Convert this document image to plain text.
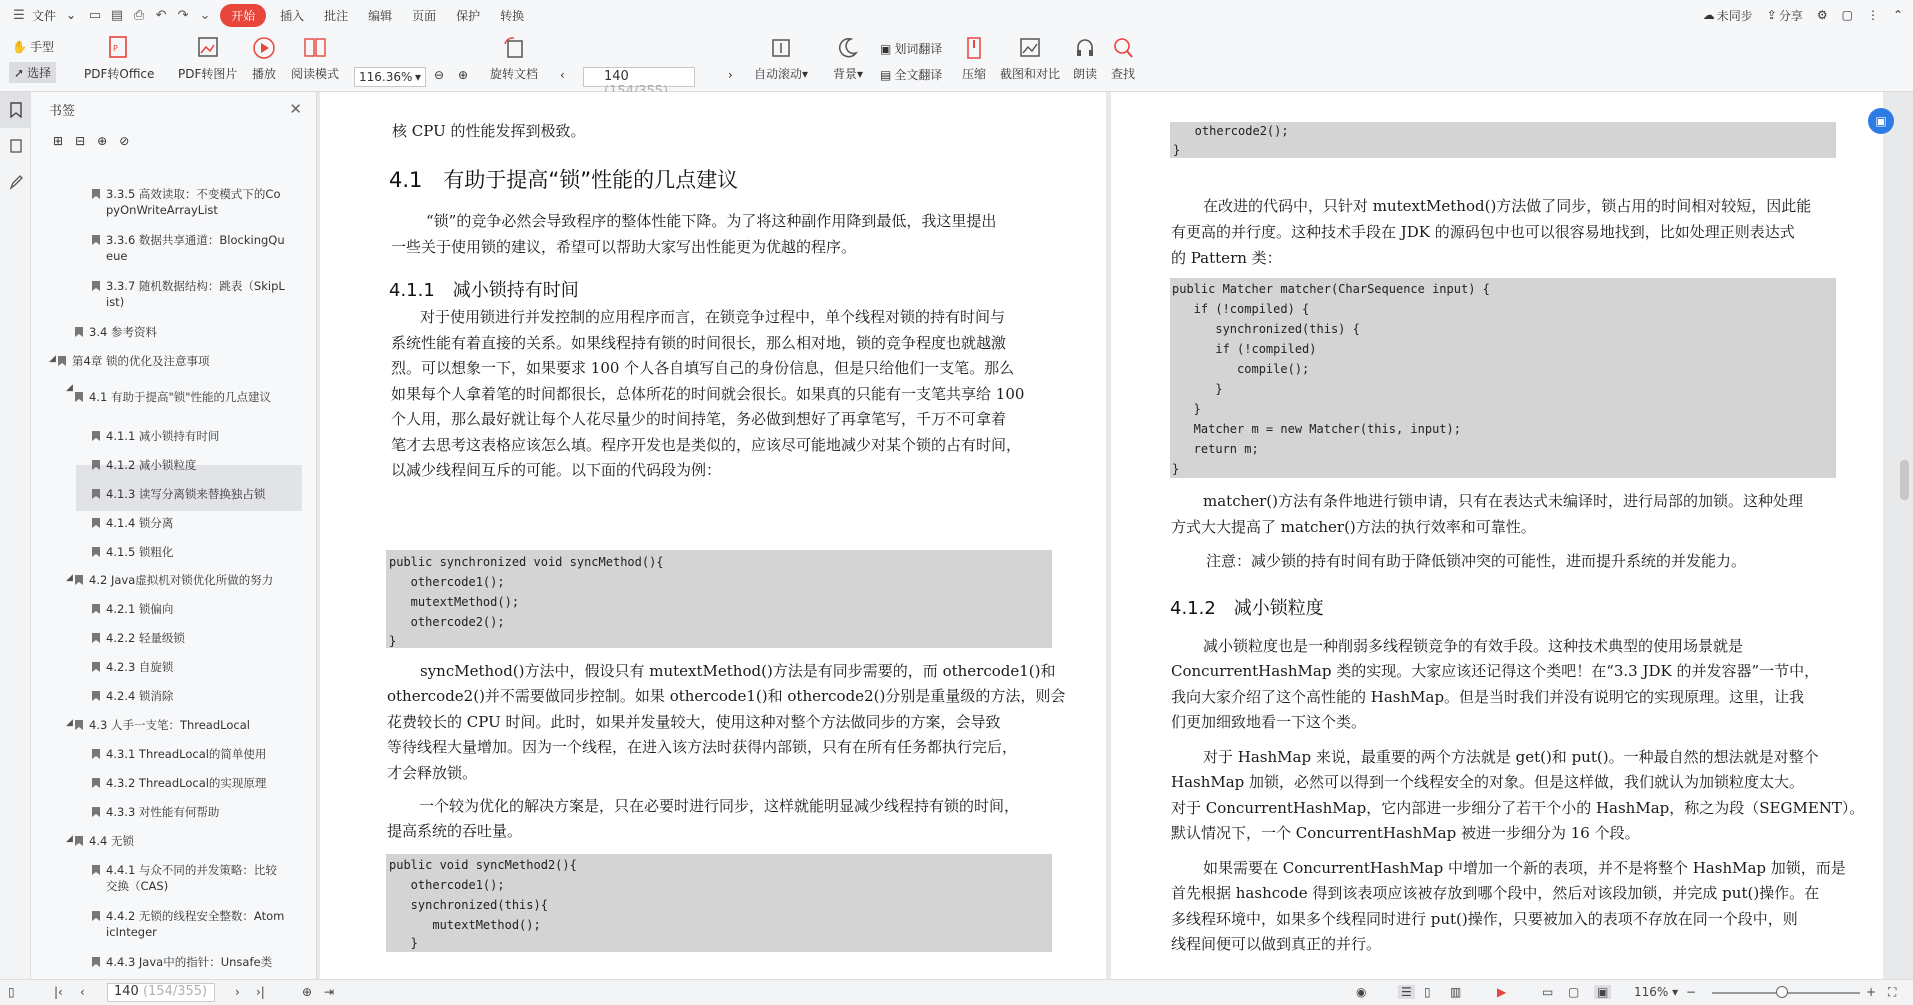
☰ 文件 ⌄ ▭ ▤ ⎙ ↶ ↷ ⌄	开始	插入	批注	编辑	页面	保护	转换	☁ 未同步 ⇪ 分享 ⚙ ▢ ⋮ ⌃
✋ 手型
➚ 选择
P
PDF转Office PDF转图片 播放 阅读模式	116.36% ▾ ⊖ ⊕ 旋转文档 ‹	140	› 自动滚动▾ 背景▾
▣ 划词翻译
▤ 全文翻译 压缩 截图和对比 朗读 查找
书签	✕
⊞ ⊟ ⊕ ⊘
3.3.5 高效读取：不变模式下的Co
pyOnWriteArrayList
3.3.6 数据共享通道：BlockingQu
eue
3.3.7 随机数据结构：跳表（SkipL
ist)
3.4 参考资料
◢	第4章 锁的优化及注意事项
◢
4.1 有助于提高"锁"性能的几点建议
4.1.1 减小锁持有时间
4.1.2 减小锁粒度
4.1.3 读写分离锁来替换独占锁
4.1.4 锁分离
4.1.5 锁粗化
◢	4.2 Java虚拟机对锁优化所做的努力
4.2.1 锁偏向
4.2.2 轻量级锁
4.2.3 自旋锁
4.2.4 锁消除
◢	4.3 人手一支笔：ThreadLocal
4.3.1 ThreadLocal的简单使用
4.3.2 ThreadLocal的实现原理
4.3.3 对性能有何帮助
◢	4.4 无锁
4.4.1 与众不同的并发策略：比较
交换（CAS)
4.4.2 无锁的线程安全整数：Atom
icInteger
4.4.3 Java中的指针：Unsafe类
核 CPU 的性能发挥到极致。
4.1　有助于提高“锁”性能的几点建议
“锁”的竞争必然会导致程序的整体性能下降。为了将这种副作用降到最低，我这里提出
一些关于使用锁的建议，希望可以帮助大家写出性能更为优越的程序。
4.1.1　减小锁持有时间
对于使用锁进行并发控制的应用程序而言，在锁竞争过程中，单个线程对锁的持有时间与
系统性能有着直接的关系。如果线程持有锁的时间很长，那么相对地，锁的竞争程度也就越激
烈。可以想象一下，如果要求 100 个人各自填写自己的身份信息，但是只给他们一支笔。那么
如果每个人拿着笔的时间都很长，总体所花的时间就会很长。如果真的只能有一支笔共享给 100
个人用，那么最好就让每个人花尽量少的时间持笔，务必做到想好了再拿笔写，千万不可拿着
笔才去思考这表格应该怎么填。程序开发也是类似的，应该尽可能地减少对某个锁的占有时间，
以减少线程间互斥的可能。以下面的代码段为例：
public synchronized void syncMethod(){
othercode1();
mutextMethod();
othercode2();
}
syncMethod()方法中，假设只有 mutextMethod()方法是有同步需要的，而 othercode1()和
othercode2()并不需要做同步控制。如果 othercode1()和 othercode2()分别是重量级的方法，则会
花费较长的 CPU 时间。此时，如果并发量较大，使用这种对整个方法做同步的方案，会导致
等待线程大量增加。因为一个线程，在进入该方法时获得内部锁，只有在所有任务都执行完后，
才会释放锁。
一个较为优化的解决方案是，只在必要时进行同步，这样就能明显减少线程持有锁的时间，
提高系统的吞吐量。
public void syncMethod2(){
othercode1();
synchronized(this){
mutextMethod();
}
othercode2();
}
在改进的代码中，只针对 mutextMethod()方法做了同步，锁占用的时间相对较短，因此能
有更高的并行度。这种技术手段在 JDK 的源码包中也可以很容易地找到，比如处理正则表达式
的 Pattern 类：
public Matcher matcher(CharSequence input) {
if (!compiled) {
synchronized(this) {
if (!compiled)
compile();
}
}
Matcher m = new Matcher(this, input);
return m;
}
matcher()方法有条件地进行锁申请，只有在表达式未编译时，进行局部的加锁。这种处理
方式大大提高了 matcher()方法的执行效率和可靠性。
注意：减少锁的持有时间有助于降低锁冲突的可能性，进而提升系统的并发能力。
4.1.2　减小锁粒度
减小锁粒度也是一种削弱多线程锁竞争的有效手段。这种技术典型的使用场景就是
ConcurrentHashMap 类的实现。大家应该还记得这个类吧！在“3.3 JDK 的并发容器”一节中，
我向大家介绍了这个高性能的 HashMap。但是当时我们并没有说明它的实现原理。这里，让我
们更加细致地看一下这个类。
对于 HashMap 来说，最重要的两个方法就是 get()和 put()。一种最自然的想法就是对整个
HashMap 加锁，必然可以得到一个线程安全的对象。但是这样做，我们就认为加锁粒度太大。
对于 ConcurrentHashMap，它内部进一步细分了若干个小的 HashMap，称之为段（SEGMENT）。
默认情况下，一个 ConcurrentHashMap 被进一步细分为 16 个段。
如果需要在 ConcurrentHashMap 中增加一个新的表项，并不是将整个 HashMap 加锁，而是
首先根据 hashcode 得到该表项应该被存放到哪个段中，然后对该段加锁，并完成 put()操作。在
多线程环境中，如果多个线程同时进行 put()操作，只要被加入的表项不存放在同一个段中，则
线程间便可以做到真正的并行。
▣
▯	|‹ ‹	140 (154/355)	› ›|	⊕ ⇥	◉	☰ ▯ ▥	▶	▭ ▢ ▣ 116% ▾ −	+ ⛶
